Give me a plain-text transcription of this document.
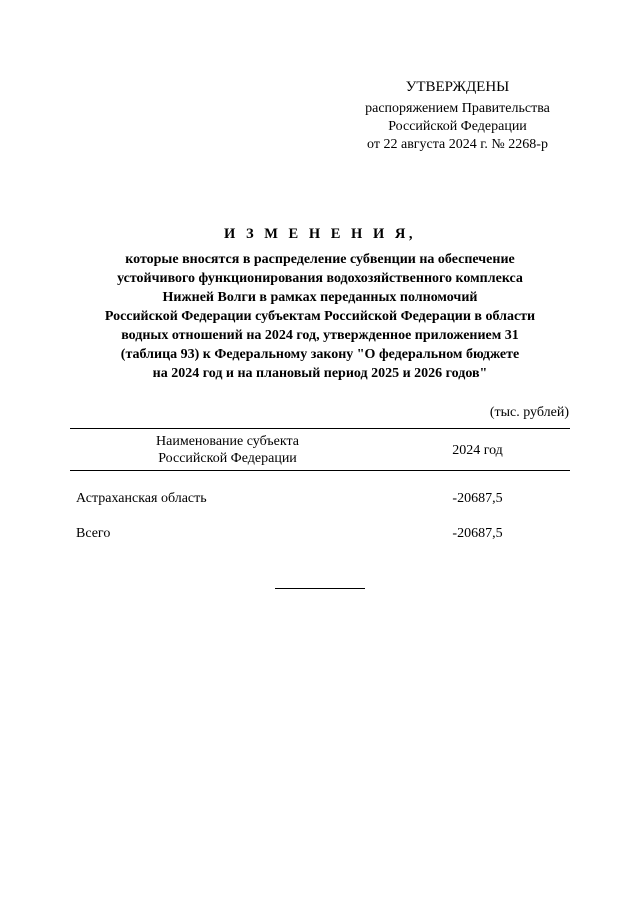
УТВЕРЖДЕНЫ
распоряжением Правительства
Российской Федерации
от 22 августа 2024 г. № 2268-р
И З М Е Н Е Н И Я,
которые вносятся в распределение субвенции на обеспечение
устойчивого функционирования водохозяйственного комплекса
Нижней Волги в рамках переданных полномочий
Российской Федерации субъектам Российской Федерации в области
водных отношений на 2024 год, утвержденное приложением 31
(таблица 93) к Федеральному закону "О федеральном бюджете
на 2024 год и на плановый период 2025 и 2026 годов"
(тыс. рублей)
Наименование субъекта
Российской Федерации	2024 год
Астраханская область	-20687,5
Всего	-20687,5
